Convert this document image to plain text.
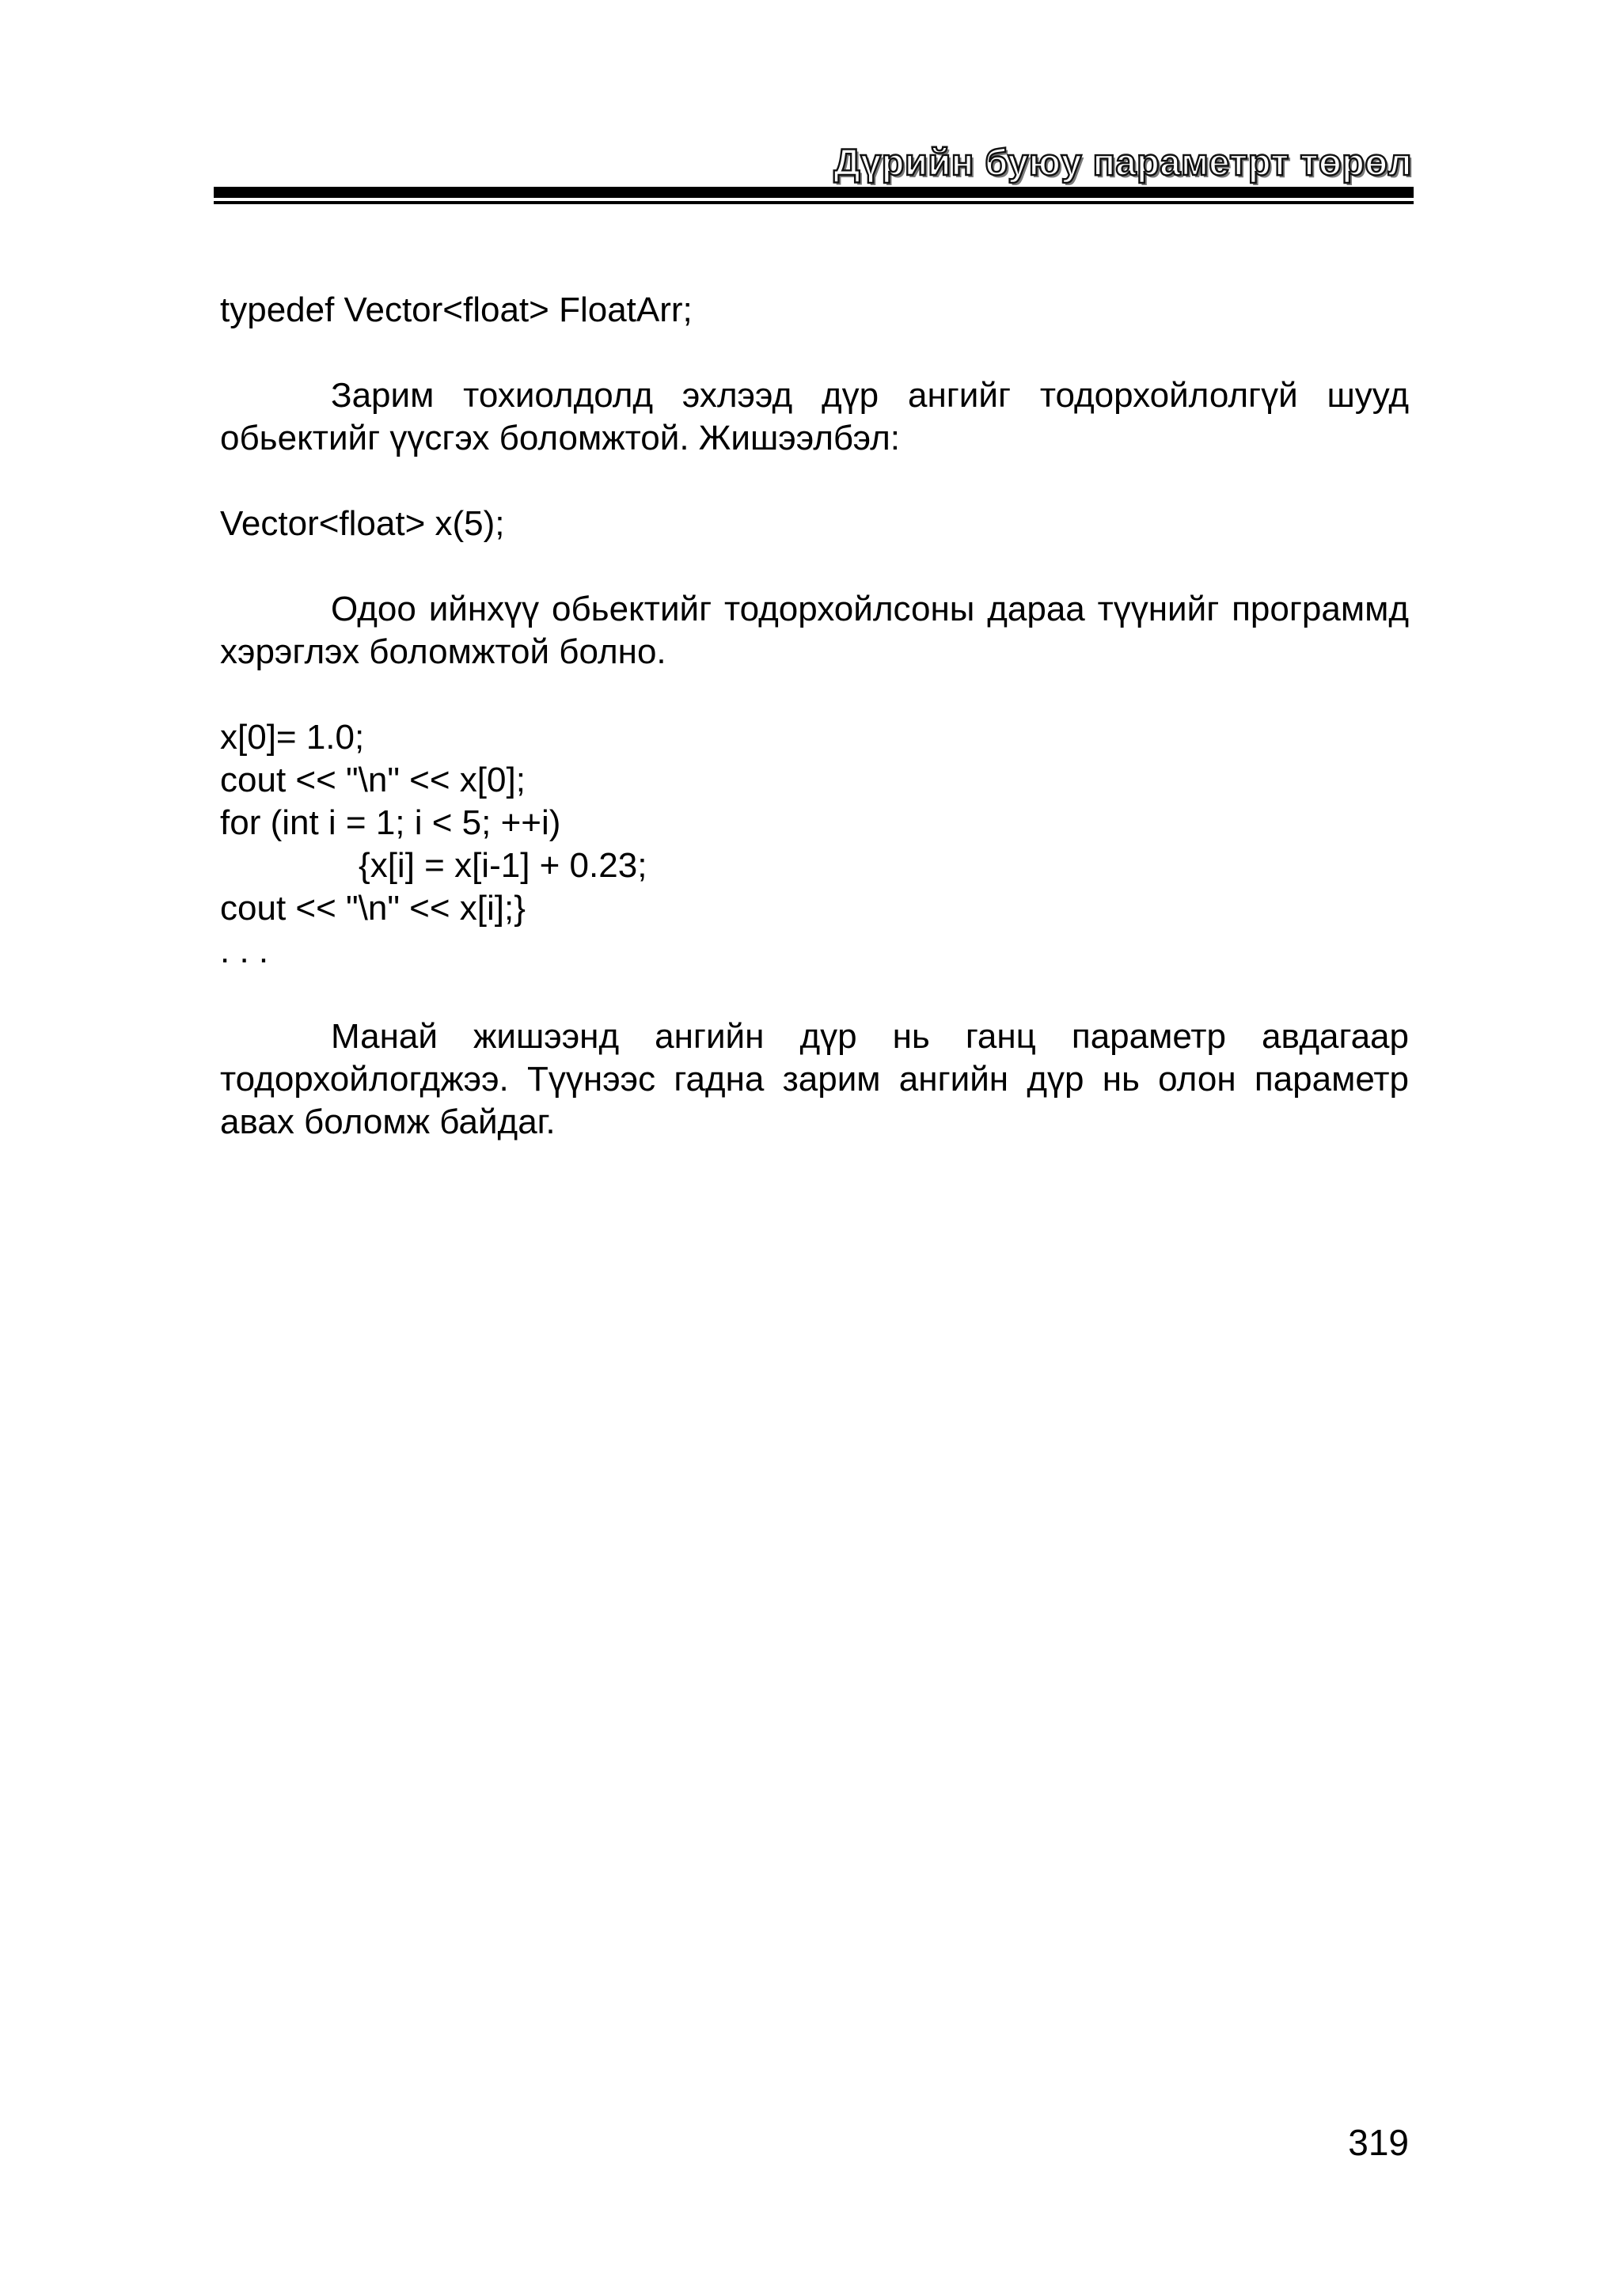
Дүрийн буюу параметрт төрөл

typedef Vector<float> FloatArr;

Зарим тохиолдолд эхлээд дүр ангийг тодорхойлолгүй шууд обьектийг үүсгэх боломжтой. Жишээлбэл:

Vector<float> x(5);

Одоо ийнхүү обьектийг тодорхойлсоны дараа түүнийг программд хэрэглэх боломжтой болно.

x[0]= 1.0;

cout << "\n" << x[0];

for (int i = 1; i < 5; ++i)

{x[i] = x[i-1] + 0.23;

cout << "\n" << x[i];}

. . .

Манай жишээнд ангийн дүр нь ганц параметр авдагаар тодорхойлогджээ. Түүнээс гадна зарим ангийн дүр нь олон параметр авах боломж байдаг.

319
